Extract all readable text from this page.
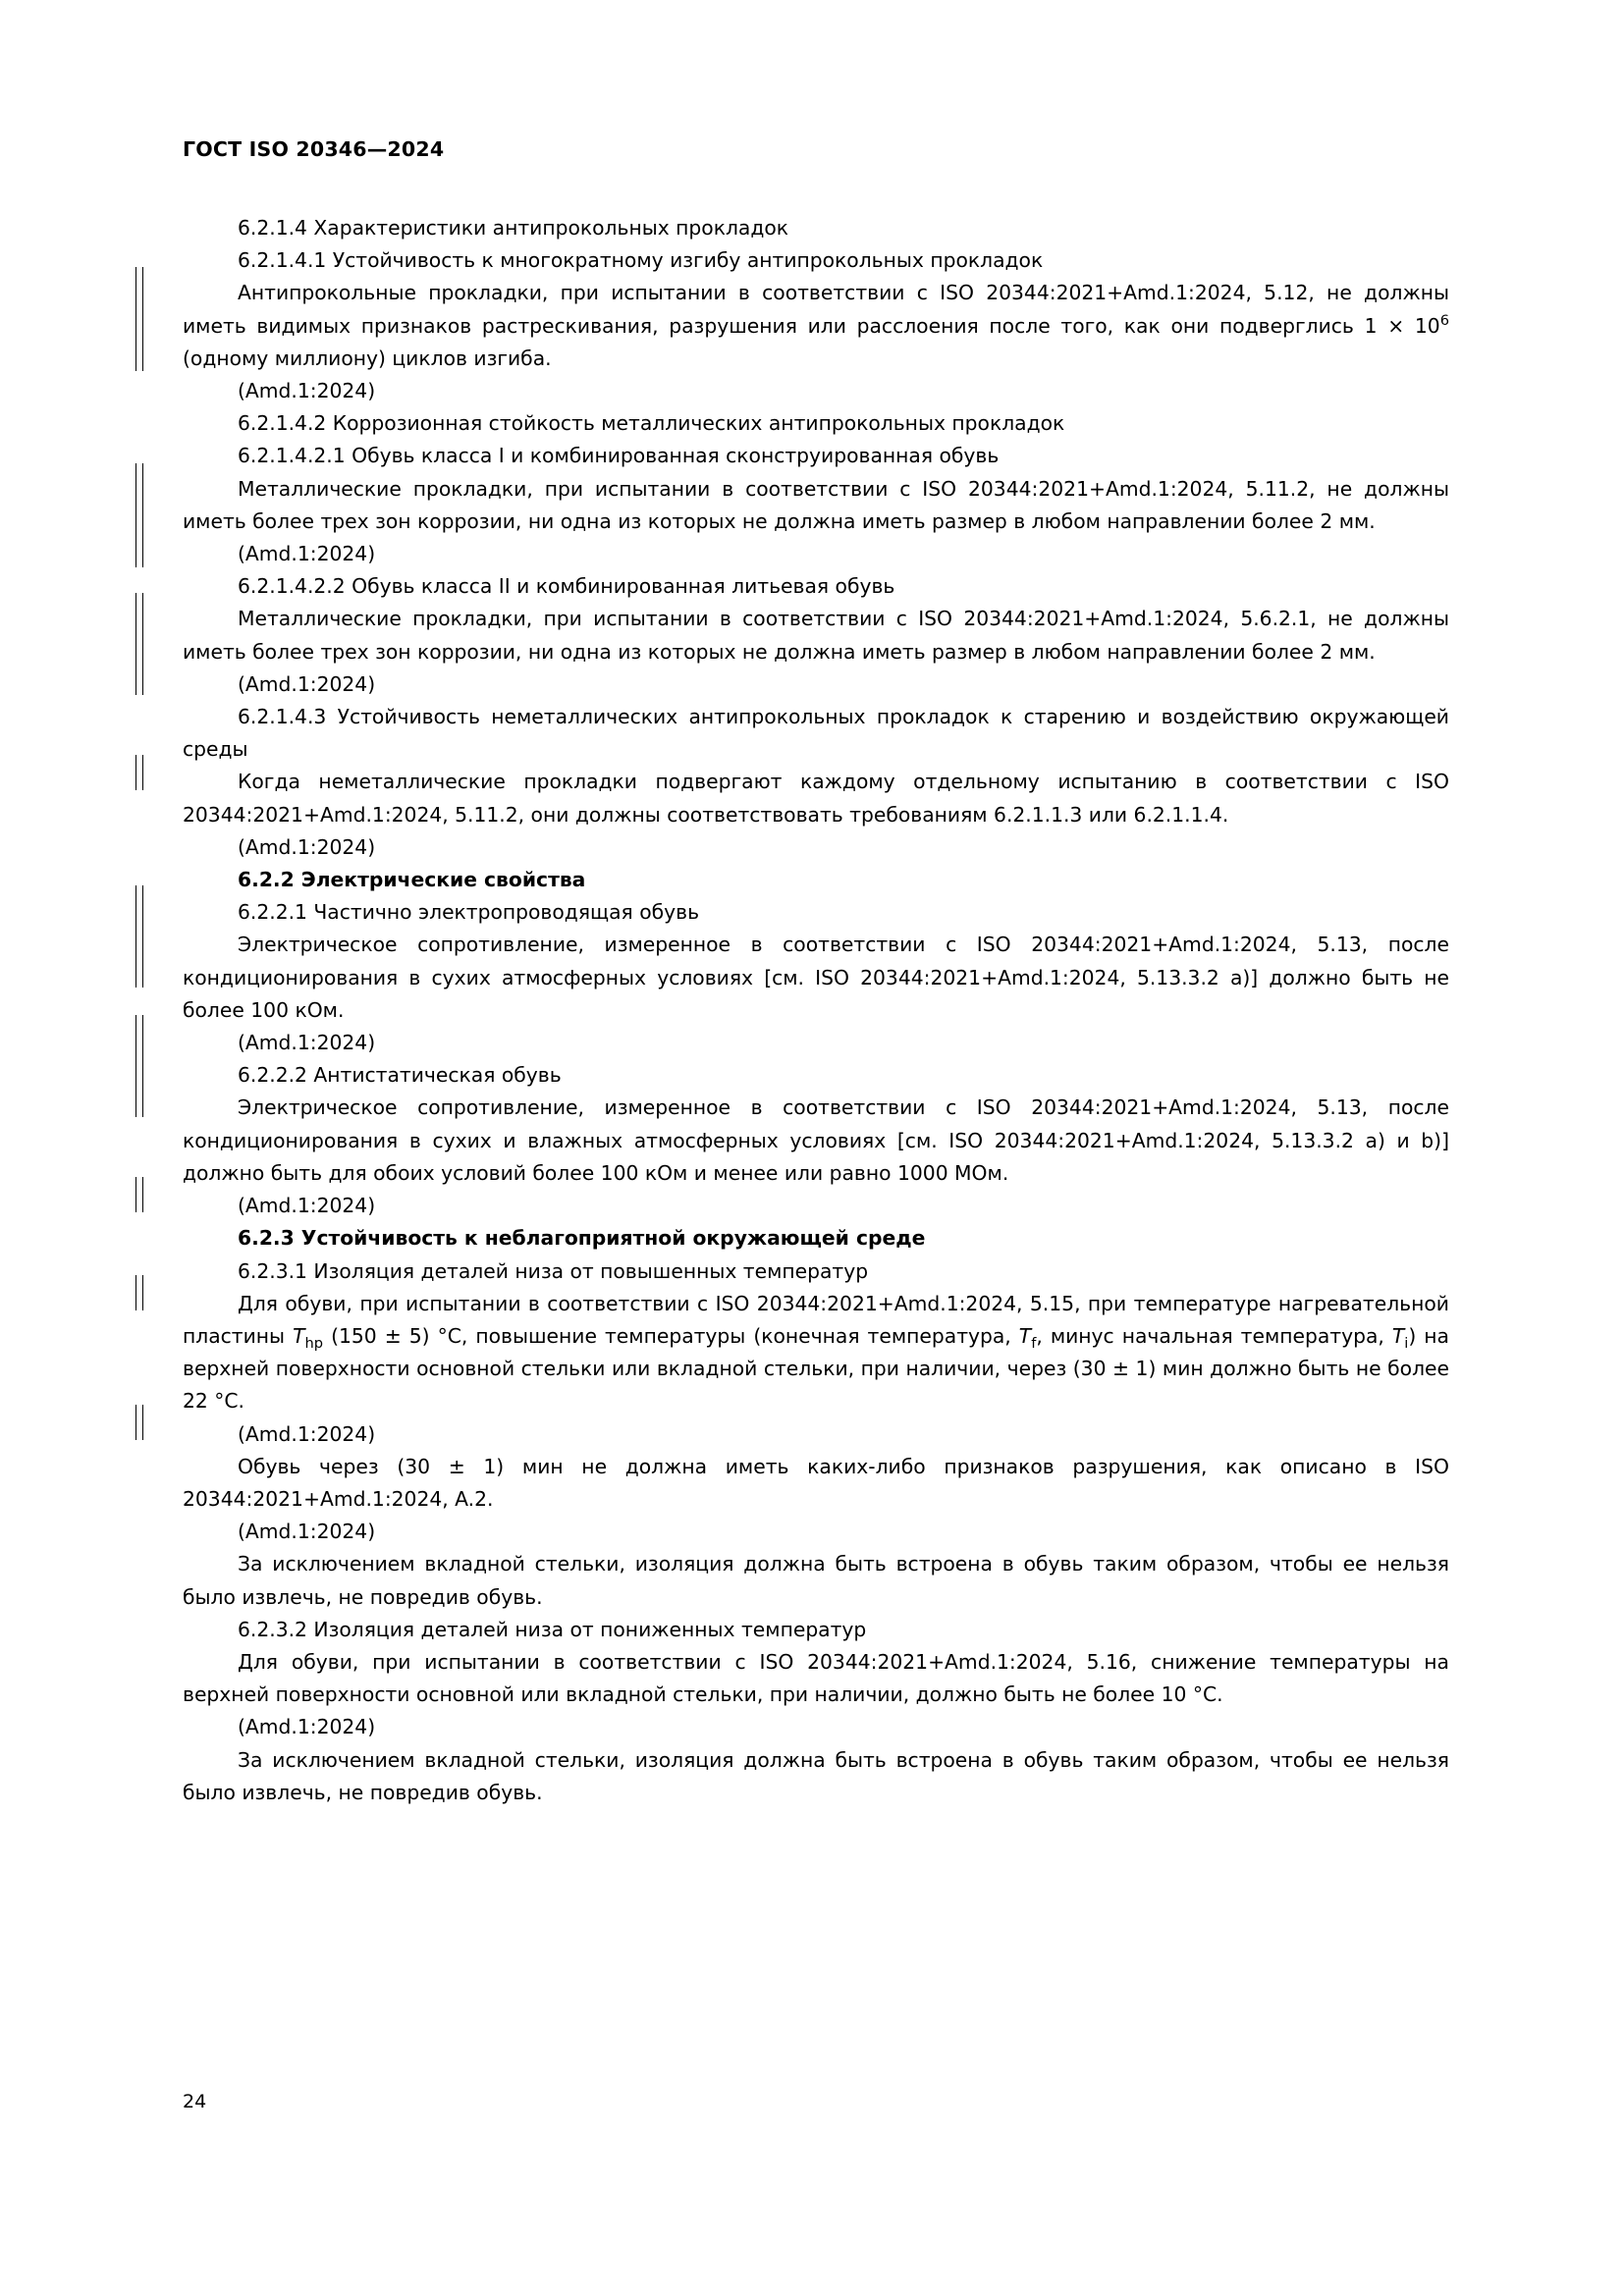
ГОСТ ISO 20346—2024

6.2.1.4 Характеристики антипрокольных прокладок

6.2.1.4.1 Устойчивость к многократному изгибу антипрокольных прокладок

Антипрокольные прокладки, при испытании в соответствии с ISO 20344:2021+Amd.1:2024, 5.12, не должны иметь видимых признаков растрескивания, разрушения или расслоения после того, как они подверглись $1 \times 10^6$ (одному миллиону) циклов изгиба.

(Amd.1:2024)

6.2.1.4.2 Коррозионная стойкость металлических антипрокольных прокладок

6.2.1.4.2.1 Обувь класса I и комбинированная сконструированная обувь

Металлические прокладки, при испытании в соответствии с ISO 20344:2021+Amd.1:2024, 5.11.2, не должны иметь более трех зон коррозии, ни одна из которых не должна иметь размер в любом направлении более 2 мм.

(Amd.1:2024)

6.2.1.4.2.2 Обувь класса II и комбинированная литьевая обувь

Металлические прокладки, при испытании в соответствии с ISO 20344:2021+Amd.1:2024, 5.6.2.1, не должны иметь более трех зон коррозии, ни одна из которых не должна иметь размер в любом направлении более 2 мм.

(Amd.1:2024)

6.2.1.4.3 Устойчивость неметаллических антипрокольных прокладок к старению и воздействию окружающей среды

Когда неметаллические прокладки подвергают каждому отдельному испытанию в соответствии с ISO 20344:2021+Amd.1:2024, 5.11.2, они должны соответствовать требованиям 6.2.1.1.3 или 6.2.1.1.4.

(Amd.1:2024)

6.2.2 Электрические свойства

6.2.2.1 Частично электропроводящая обувь

Электрическое сопротивление, измеренное в соответствии с ISO 20344:2021+Amd.1:2024, 5.13, после кондиционирования в сухих атмосферных условиях [см. ISO 20344:2021+Amd.1:2024, 5.13.3.2 a)] должно быть не более 100 кОм.

(Amd.1:2024)

6.2.2.2 Антистатическая обувь

Электрическое сопротивление, измеренное в соответствии с ISO 20344:2021+Amd.1:2024, 5.13, после кондиционирования в сухих и влажных атмосферных условиях [см. ISO 20344:2021+Amd.1:2024, 5.13.3.2 a) и b)] должно быть для обоих условий более 100 кОм и менее или равно 1000 МОм.

(Amd.1:2024)

6.2.3 Устойчивость к неблагоприятной окружающей среде

6.2.3.1 Изоляция деталей низа от повышенных температур

Для обуви, при испытании в соответствии с ISO 20344:2021+Amd.1:2024, 5.15, при температуре нагревательной пластины $T_{hp}$ (150 ± 5) °C, повышение температуры (конечная температура, $T_f$, минус начальная температура, $T_i$) на верхней поверхности основной стельки или вкладной стельки, при наличии, через (30 ± 1) мин должно быть не более 22 °C.

(Amd.1:2024)

Обувь через (30 ± 1) мин не должна иметь каких-либо признаков разрушения, как описано в ISO 20344:2021+Amd.1:2024, A.2.

(Amd.1:2024)

За исключением вкладной стельки, изоляция должна быть встроена в обувь таким образом, чтобы ее нельзя было извлечь, не повредив обувь.

6.2.3.2 Изоляция деталей низа от пониженных температур

Для обуви, при испытании в соответствии с ISO 20344:2021+Amd.1:2024, 5.16, снижение температуры на верхней поверхности основной или вкладной стельки, при наличии, должно быть не более 10 °C.

(Amd.1:2024)

За исключением вкладной стельки, изоляция должна быть встроена в обувь таким образом, чтобы ее нельзя было извлечь, не повредив обувь.

24
